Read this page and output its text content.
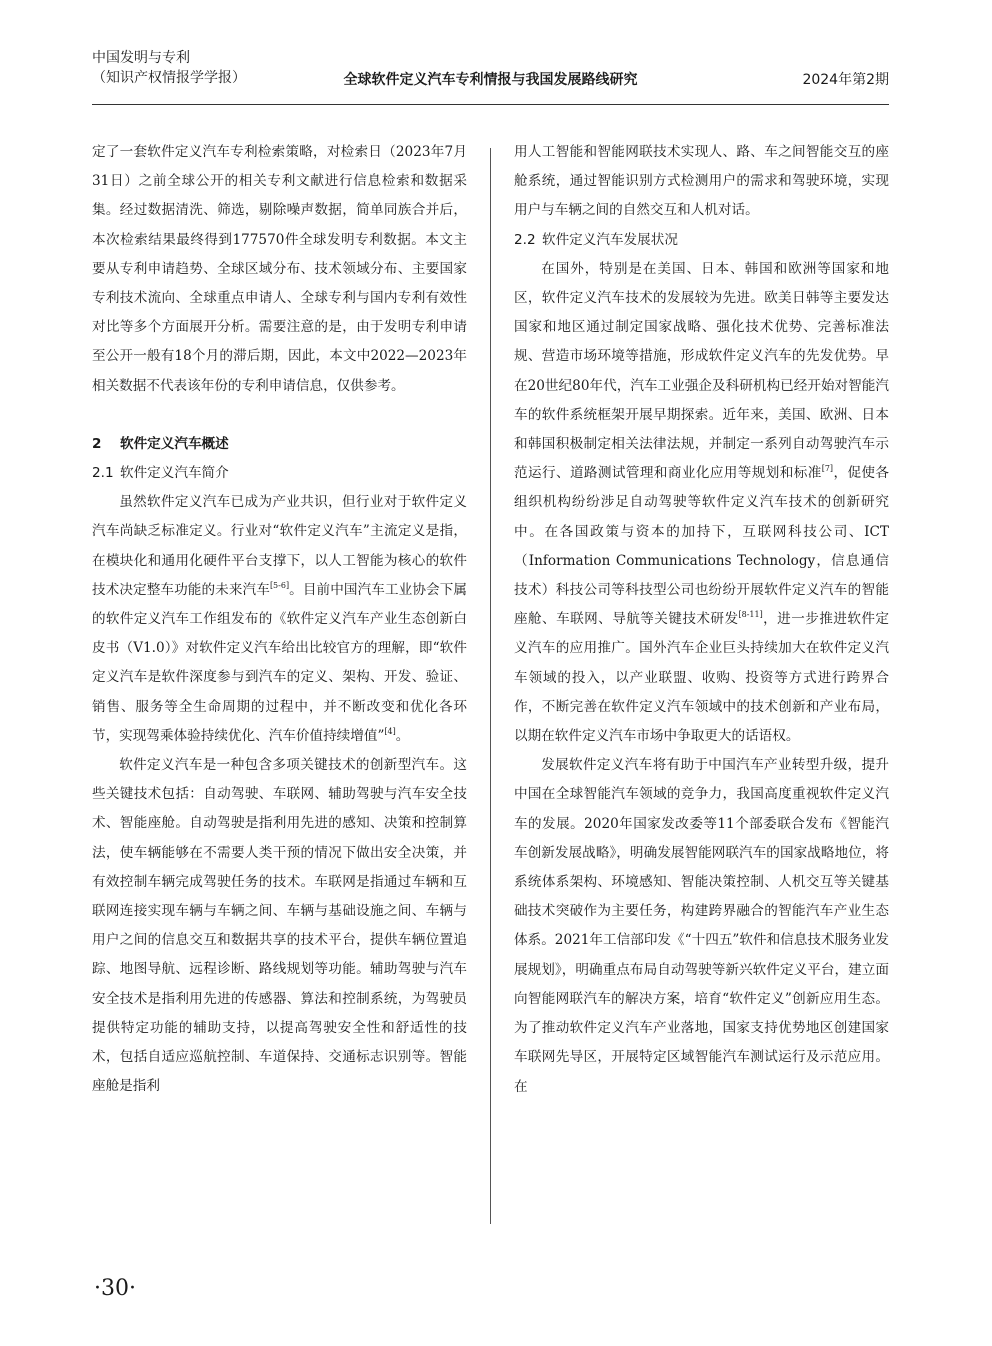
中国发明与专利
（知识产权情报学学报）	全球软件定义汽车专利情报与我国发展路线研究	2024年第2期

定了一套软件定义汽车专利检索策略，对检索日（2023年7月31日）之前全球公开的相关专利文献进行信息检索和数据采集。经过数据清洗、筛选，剔除噪声数据，简单同族合并后，本次检索结果最终得到177570件全球发明专利数据。本文主要从专利申请趋势、全球区域分布、技术领域分布、主要国家专利技术流向、全球重点申请人、全球专利与国内专利有效性对比等多个方面展开分析。需要注意的是，由于发明专利申请至公开一般有18个月的滞后期，因此，本文中2022—2023年相关数据不代表该年份的专利申请信息，仅供参考。

2 软件定义汽车概述
2.1 软件定义汽车简介

虽然软件定义汽车已成为产业共识，但行业对于软件定义汽车尚缺乏标准定义。行业对“软件定义汽车”主流定义是指，在模块化和通用化硬件平台支撑下，以人工智能为核心的软件技术决定整车功能的未来汽车[5-6]。目前中国汽车工业协会下属的软件定义汽车工作组发布的《软件定义汽车产业生态创新白皮书（V1.0）》对软件定义汽车给出比较官方的理解，即“软件定义汽车是软件深度参与到汽车的定义、架构、开发、验证、销售、服务等全生命周期的过程中，并不断改变和优化各环节，实现驾乘体验持续优化、汽车价值持续增值”[4]。

软件定义汽车是一种包含多项关键技术的创新型汽车。这些关键技术包括：自动驾驶、车联网、辅助驾驶与汽车安全技术、智能座舱。自动驾驶是指利用先进的感知、决策和控制算法，使车辆能够在不需要人类干预的情况下做出安全决策，并有效控制车辆完成驾驶任务的技术。车联网是指通过车辆和互联网连接实现车辆与车辆之间、车辆与基础设施之间、车辆与用户之间的信息交互和数据共享的技术平台，提供车辆位置追踪、地图导航、远程诊断、路线规划等功能。辅助驾驶与汽车安全技术是指利用先进的传感器、算法和控制系统，为驾驶员提供特定功能的辅助支持，以提高驾驶安全性和舒适性的技术，包括自适应巡航控制、车道保持、交通标志识别等。智能座舱是指利

用人工智能和智能网联技术实现人、路、车之间智能交互的座舱系统，通过智能识别方式检测用户的需求和驾驶环境，实现用户与车辆之间的自然交互和人机对话。

2.2 软件定义汽车发展状况

在国外，特别是在美国、日本、韩国和欧洲等国家和地区，软件定义汽车技术的发展较为先进。欧美日韩等主要发达国家和地区通过制定国家战略、强化技术优势、完善标准法规、营造市场环境等措施，形成软件定义汽车的先发优势。早在20世纪80年代，汽车工业强企及科研机构已经开始对智能汽车的软件系统框架开展早期探索。近年来，美国、欧洲、日本和韩国积极制定相关法律法规，并制定一系列自动驾驶汽车示范运行、道路测试管理和商业化应用等规划和标准[7]，促使各组织机构纷纷涉足自动驾驶等软件定义汽车技术的创新研究中。在各国政策与资本的加持下，互联网科技公司、ICT（Information Communications Technology，信息通信技术）科技公司等科技型公司也纷纷开展软件定义汽车的智能座舱、车联网、导航等关键技术研发[8-11]，进一步推进软件定义汽车的应用推广。国外汽车企业巨头持续加大在软件定义汽车领域的投入，以产业联盟、收购、投资等方式进行跨界合作，不断完善在软件定义汽车领域中的技术创新和产业布局，以期在软件定义汽车市场中争取更大的话语权。

发展软件定义汽车将有助于中国汽车产业转型升级，提升中国在全球智能汽车领域的竞争力，我国高度重视软件定义汽车的发展。2020年国家发改委等11个部委联合发布《智能汽车创新发展战略》，明确发展智能网联汽车的国家战略地位，将系统体系架构、环境感知、智能决策控制、人机交互等关键基础技术突破作为主要任务，构建跨界融合的智能汽车产业生态体系。2021年工信部印发《“十四五”软件和信息技术服务业发展规划》，明确重点布局自动驾驶等新兴软件定义平台，建立面向智能网联汽车的解决方案，培育“软件定义”创新应用生态。为了推动软件定义汽车产业落地，国家支持优势地区创建国家车联网先导区，开展特定区域智能汽车测试运行及示范应用。在

·30·
